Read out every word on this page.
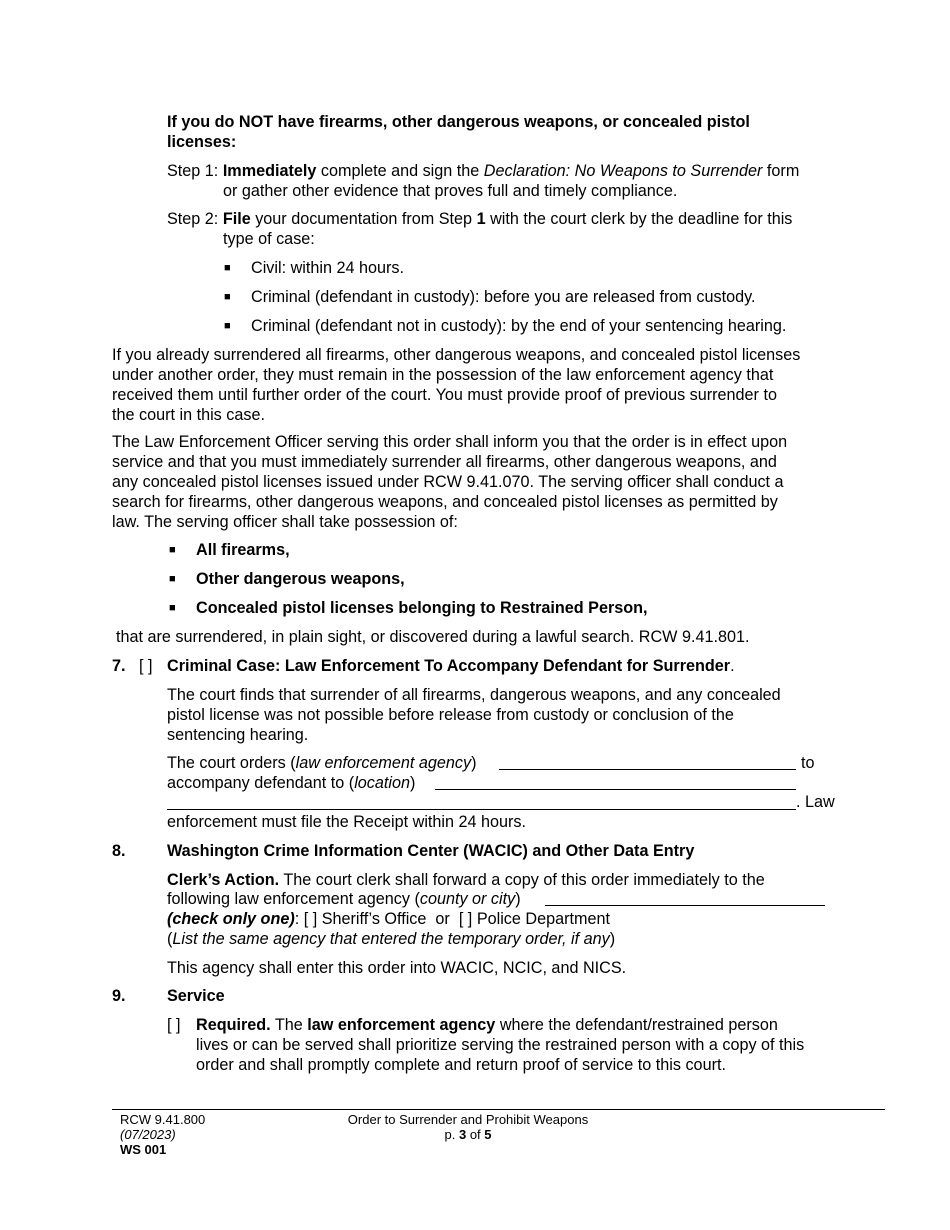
If you do NOT have firearms, other dangerous weapons, or concealed pistol licenses:
Step 1: Immediately complete and sign the Declaration: No Weapons to Surrender form
or gather other evidence that proves full and timely compliance.
Step 2: File your documentation from Step 1 with the court clerk by the deadline for this
type of case:
■ Civil: within 24 hours.
■ Criminal (defendant in custody): before you are released from custody.
■ Criminal (defendant not in custody): by the end of your sentencing hearing.
If you already surrendered all firearms, other dangerous weapons, and concealed pistol licenses
under another order, they must remain in the possession of the law enforcement agency that
received them until further order of the court. You must provide proof of previous surrender to
the court in this case.
The Law Enforcement Officer serving this order shall inform you that the order is in effect upon
service and that you must immediately surrender all firearms, other dangerous weapons, and
any concealed pistol licenses issued under RCW 9.41.070. The serving officer shall conduct a
search for firearms, other dangerous weapons, and concealed pistol licenses as permitted by
law. The serving officer shall take possession of:
■ All firearms,
■ Other dangerous weapons,
■ Concealed pistol licenses belonging to Restrained Person,
that are surrendered, in plain sight, or discovered during a lawful search. RCW 9.41.801.
7. [ ] Criminal Case: Law Enforcement To Accompany Defendant for Surrender.
The court finds that surrender of all firearms, dangerous weapons, and any concealed
pistol license was not possible before release from custody or conclusion of the
sentencing hearing.
The court orders (law enforcement agency)	to
accompany defendant to (location)
. Law
enforcement must file the Receipt within 24 hours.
8.	Washington Crime Information Center (WACIC) and Other Data Entry
Clerk’s Action. The court clerk shall forward a copy of this order immediately to the
following law enforcement agency (county or city)
(check only one): [ ] Sheriff’s Office or [ ] Police Department
(List the same agency that entered the temporary order, if any)
This agency shall enter this order into WACIC, NCIC, and NICS.
9.	Service
[ ] Required. The law enforcement agency where the defendant/restrained person
lives or can be served shall prioritize serving the restrained person with a copy of this
order and shall promptly complete and return proof of service to this court.
RCW 9.41.800
(07/2023)
WS 001
Order to Surrender and Prohibit Weapons
p. 3 of 5
